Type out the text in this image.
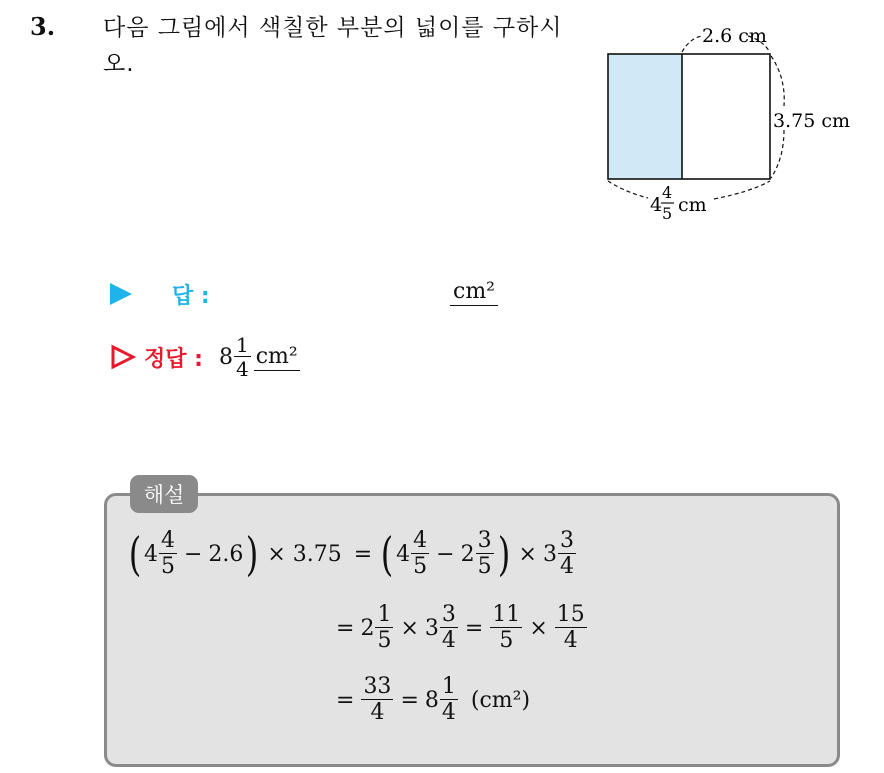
3. 다음 그림에서 색칠한 부분의 넓이를 구하시오.
2.6 cm
3.75 cm
4
4
5 cm
답 :	cm²
정답 : $8 \frac{1}{4} cm^2$
해설
( $4 \frac{4}{5} - 2.6$ ) × 3.75 = ( $4 \frac{4}{5} - 2 \frac{3}{5}$ ) × $3 \frac{3}{4}$
= $2 \frac{1}{5} \times 3 \frac{3}{4} = \frac{11}{5} \times \frac{15}{4}$
= $\frac{33}{4} = 8 \frac{1}{4} (cm^2)$
